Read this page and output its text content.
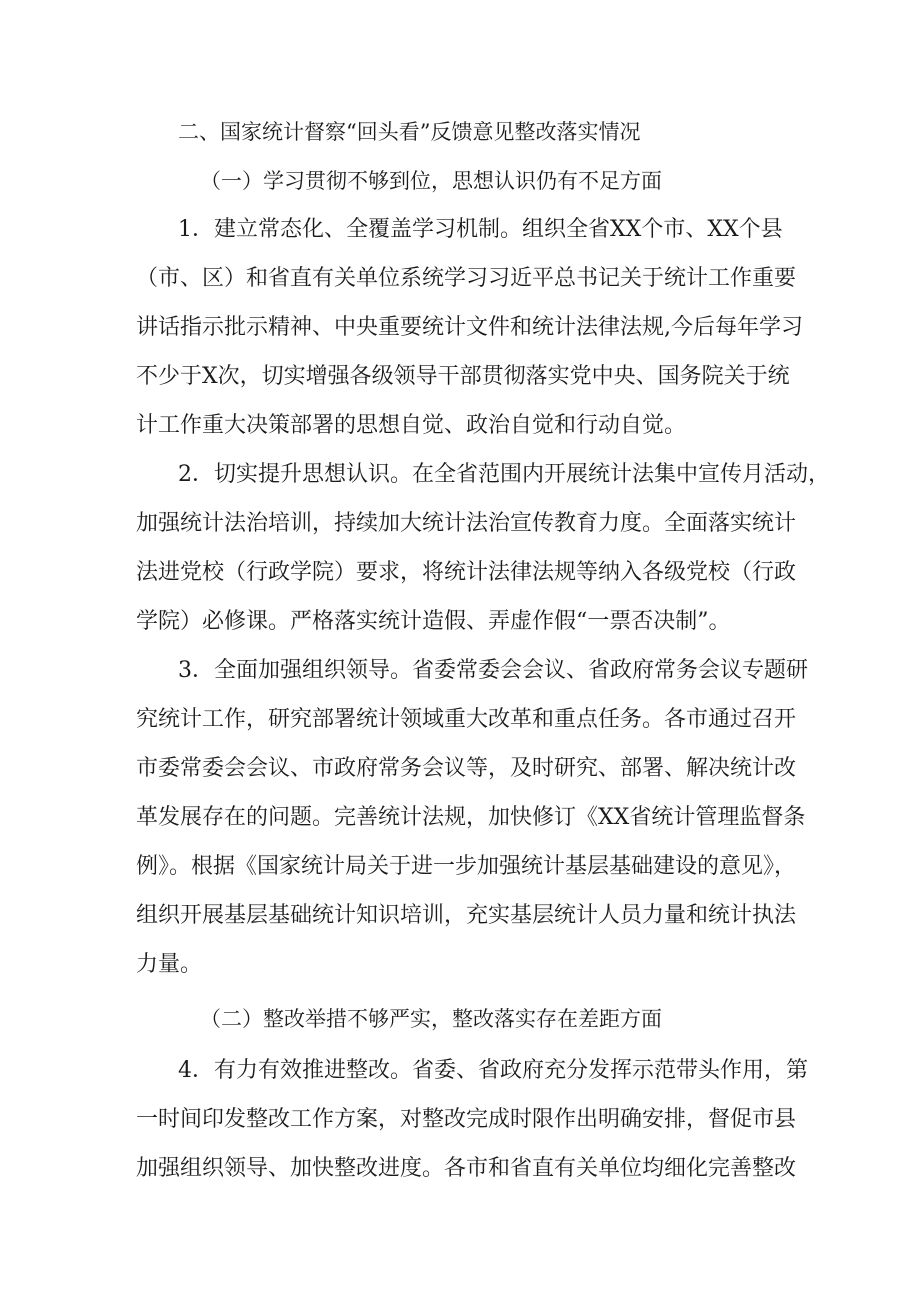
二、国家统计督察“回头看”反馈意见整改落实情况

（一）学习贯彻不够到位，思想认识仍有不足方面

1．建立常态化、全覆盖学习机制。组织全省XX个市、XX个县

（市、区）和省直有关单位系统学习习近平总书记关于统计工作重要

讲话指示批示精神、中央重要统计文件和统计法律法规,今后每年学习

不少于X次，切实增强各级领导干部贯彻落实党中央、国务院关于统

计工作重大决策部署的思想自觉、政治自觉和行动自觉。

2．切实提升思想认识。在全省范围内开展统计法集中宣传月活动，

加强统计法治培训，持续加大统计法治宣传教育力度。全面落实统计

法进党校（行政学院）要求，将统计法律法规等纳入各级党校（行政

学院）必修课。严格落实统计造假、弄虚作假“一票否决制”。

3．全面加强组织领导。省委常委会会议、省政府常务会议专题研

究统计工作，研究部署统计领域重大改革和重点任务。各市通过召开

市委常委会会议、市政府常务会议等，及时研究、部署、解决统计改

革发展存在的问题。完善统计法规，加快修订《XX省统计管理监督条

例》。根据《国家统计局关于进一步加强统计基层基础建设的意见》，

组织开展基层基础统计知识培训，充实基层统计人员力量和统计执法

力量。

（二）整改举措不够严实，整改落实存在差距方面

4．有力有效推进整改。省委、省政府充分发挥示范带头作用，第

一时间印发整改工作方案，对整改完成时限作出明确安排，督促市县

加强组织领导、加快整改进度。各市和省直有关单位均细化完善整改
